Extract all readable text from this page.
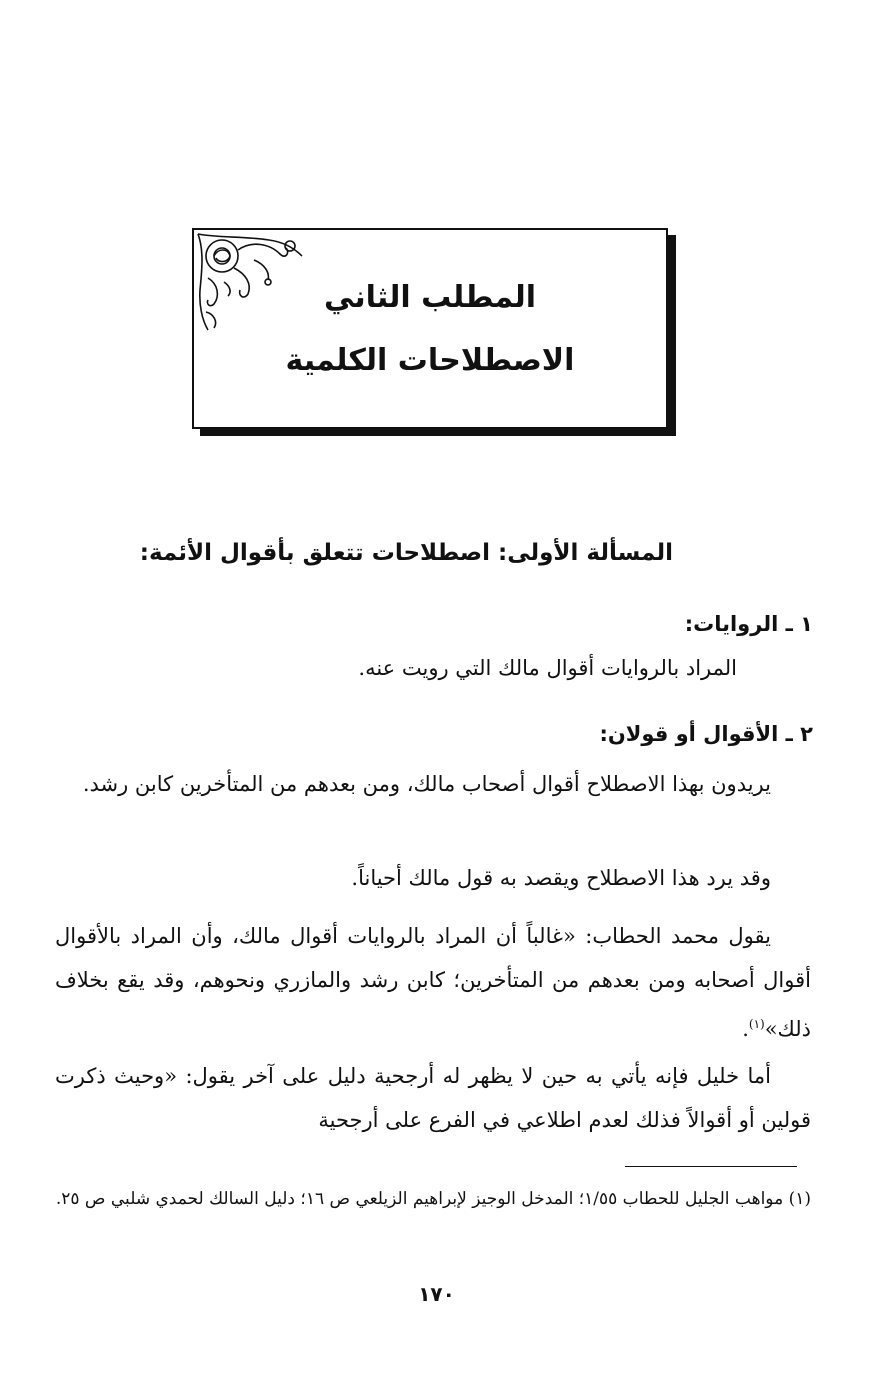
المطلب الثاني
الاصطلاحات الكلمية
المسألة الأولى: اصطلاحات تتعلق بأقوال الأئمة:
١ ـ الروايات:
المراد بالروايات أقوال مالك التي رويت عنه.
٢ ـ الأقوال أو قولان:
يريدون بهذا الاصطلاح أقوال أصحاب مالك، ومن بعدهم من المتأخرين كابن رشد.
وقد يرد هذا الاصطلاح ويقصد به قول مالك أحياناً.
يقول محمد الحطاب: «غالباً أن المراد بالروايات أقوال مالك، وأن المراد بالأقوال أقوال أصحابه ومن بعدهم من المتأخرين؛ كابن رشد والمازري ونحوهم، وقد يقع بخلاف ذلك»$^{(١)}$.
أما خليل فإنه يأتي به حين لا يظهر له أرجحية دليل على آخر يقول: «وحيث ذكرت قولين أو أقوالاً فذلك لعدم اطلاعي في الفرع على أرجحية
(١) مواهب الجليل للحطاب ١/٥٥؛ المدخل الوجيز لإبراهيم الزيلعي ص ١٦؛ دليل السالك لحمدي شلبي ص ٢٥.
١٧٠
